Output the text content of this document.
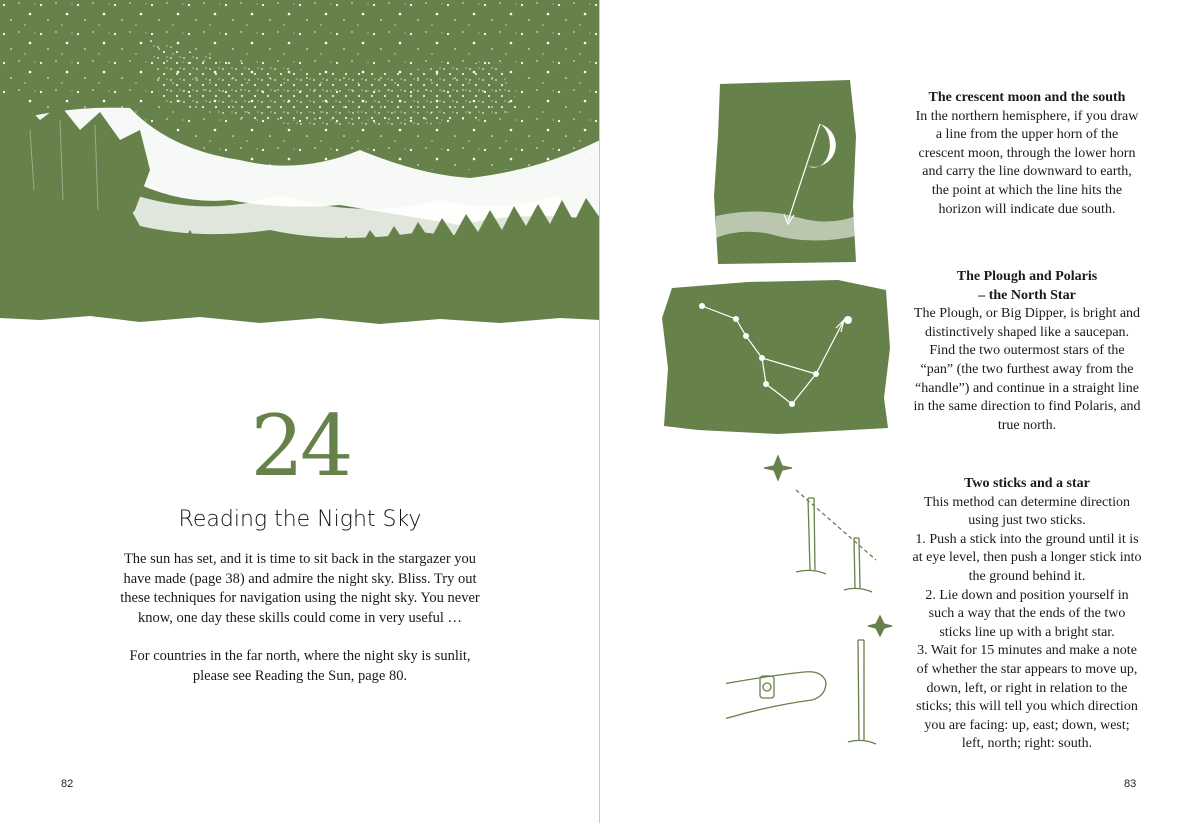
24
Reading the Night Sky

The sun has set, and it is time to sit back in the stargazer you have made (page 38) and admire the night sky. Bliss. Try out these techniques for navigation using the night sky. You never know, one day these skills could come in very useful …

For countries in the far north, where the night sky is sunlit, please see Reading the Sun, page 80.

82
The crescent moon and the south

In the northern hemisphere, if you draw a line from the upper horn of the crescent moon, through the lower horn and carry the line downward to earth, the point at which the line hits the horizon will indicate due south.

The Plough and Polaris
– the North Star

The Plough, or Big Dipper, is bright and distinctively shaped like a saucepan. Find the two outermost stars of the “pan” (the two furthest away from the “handle”) and continue in a straight line in the same direction to find Polaris, and true north.

Two sticks and a star

This method can determine direction using just two sticks.

1. Push a stick into the ground until it is at eye level, then push a longer stick into the ground behind it.

2. Lie down and position yourself in such a way that the ends of the two sticks line up with a bright star.

3. Wait for 15 minutes and make a note of whether the star appears to move up, down, left, or right in relation to the sticks; this will tell you which direction you are facing: up, east; down, west; left, north; right: south.

83
